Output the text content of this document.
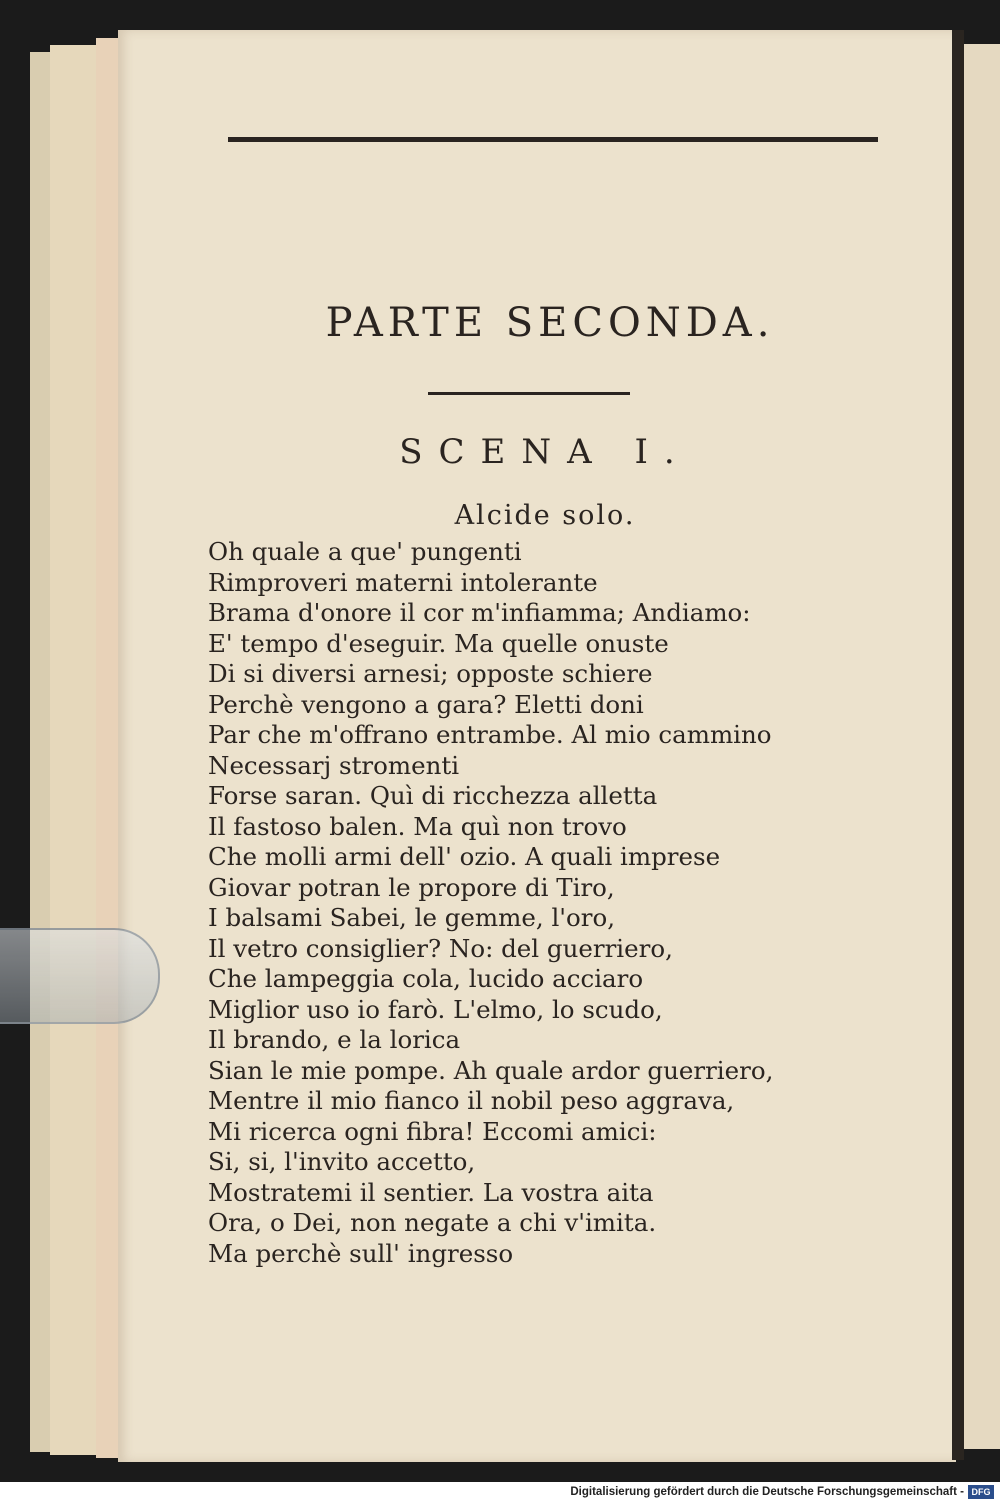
PARTE SECONDA.
SCENA I.
Alcide solo.
Oh quale a que' pungenti
Rimproveri materni intolerante
Brama d'onore il cor m'infiamma; Andiamo:
E' tempo d'eseguir. Ma quelle onuste
Di si diversi arnesi; opposte schiere
Perchè vengono a gara? Eletti doni
Par che m'offrano entrambe. Al mio cammino
Necessarj stromenti
Forse saran. Quì di ricchezza alletta
Il fastoso balen. Ma quì non trovo
Che molli armi dell' ozio. A quali imprese
Giovar potran le propore di Tiro,
I balsami Sabei, le gemme, l'oro,
Il vetro consiglier? No: del guerriero,
Che lampeggia cola, lucido acciaro
Miglior uso io farò. L'elmo, lo scudo,
Il brando, e la lorica
Sian le mie pompe. Ah quale ardor guerriero,
Mentre il mio fianco il nobil peso aggrava,
Mi ricerca ogni fibra! Eccomi amici:
Si, si, l'invito accetto,
Mostratemi il sentier. La vostra aita
Ora, o Dei, non negate a chi v'imita.
Ma perchè sull' ingresso
Digitalisierung gefördert durch die Deutsche Forschungsgemeinschaft - DFG
